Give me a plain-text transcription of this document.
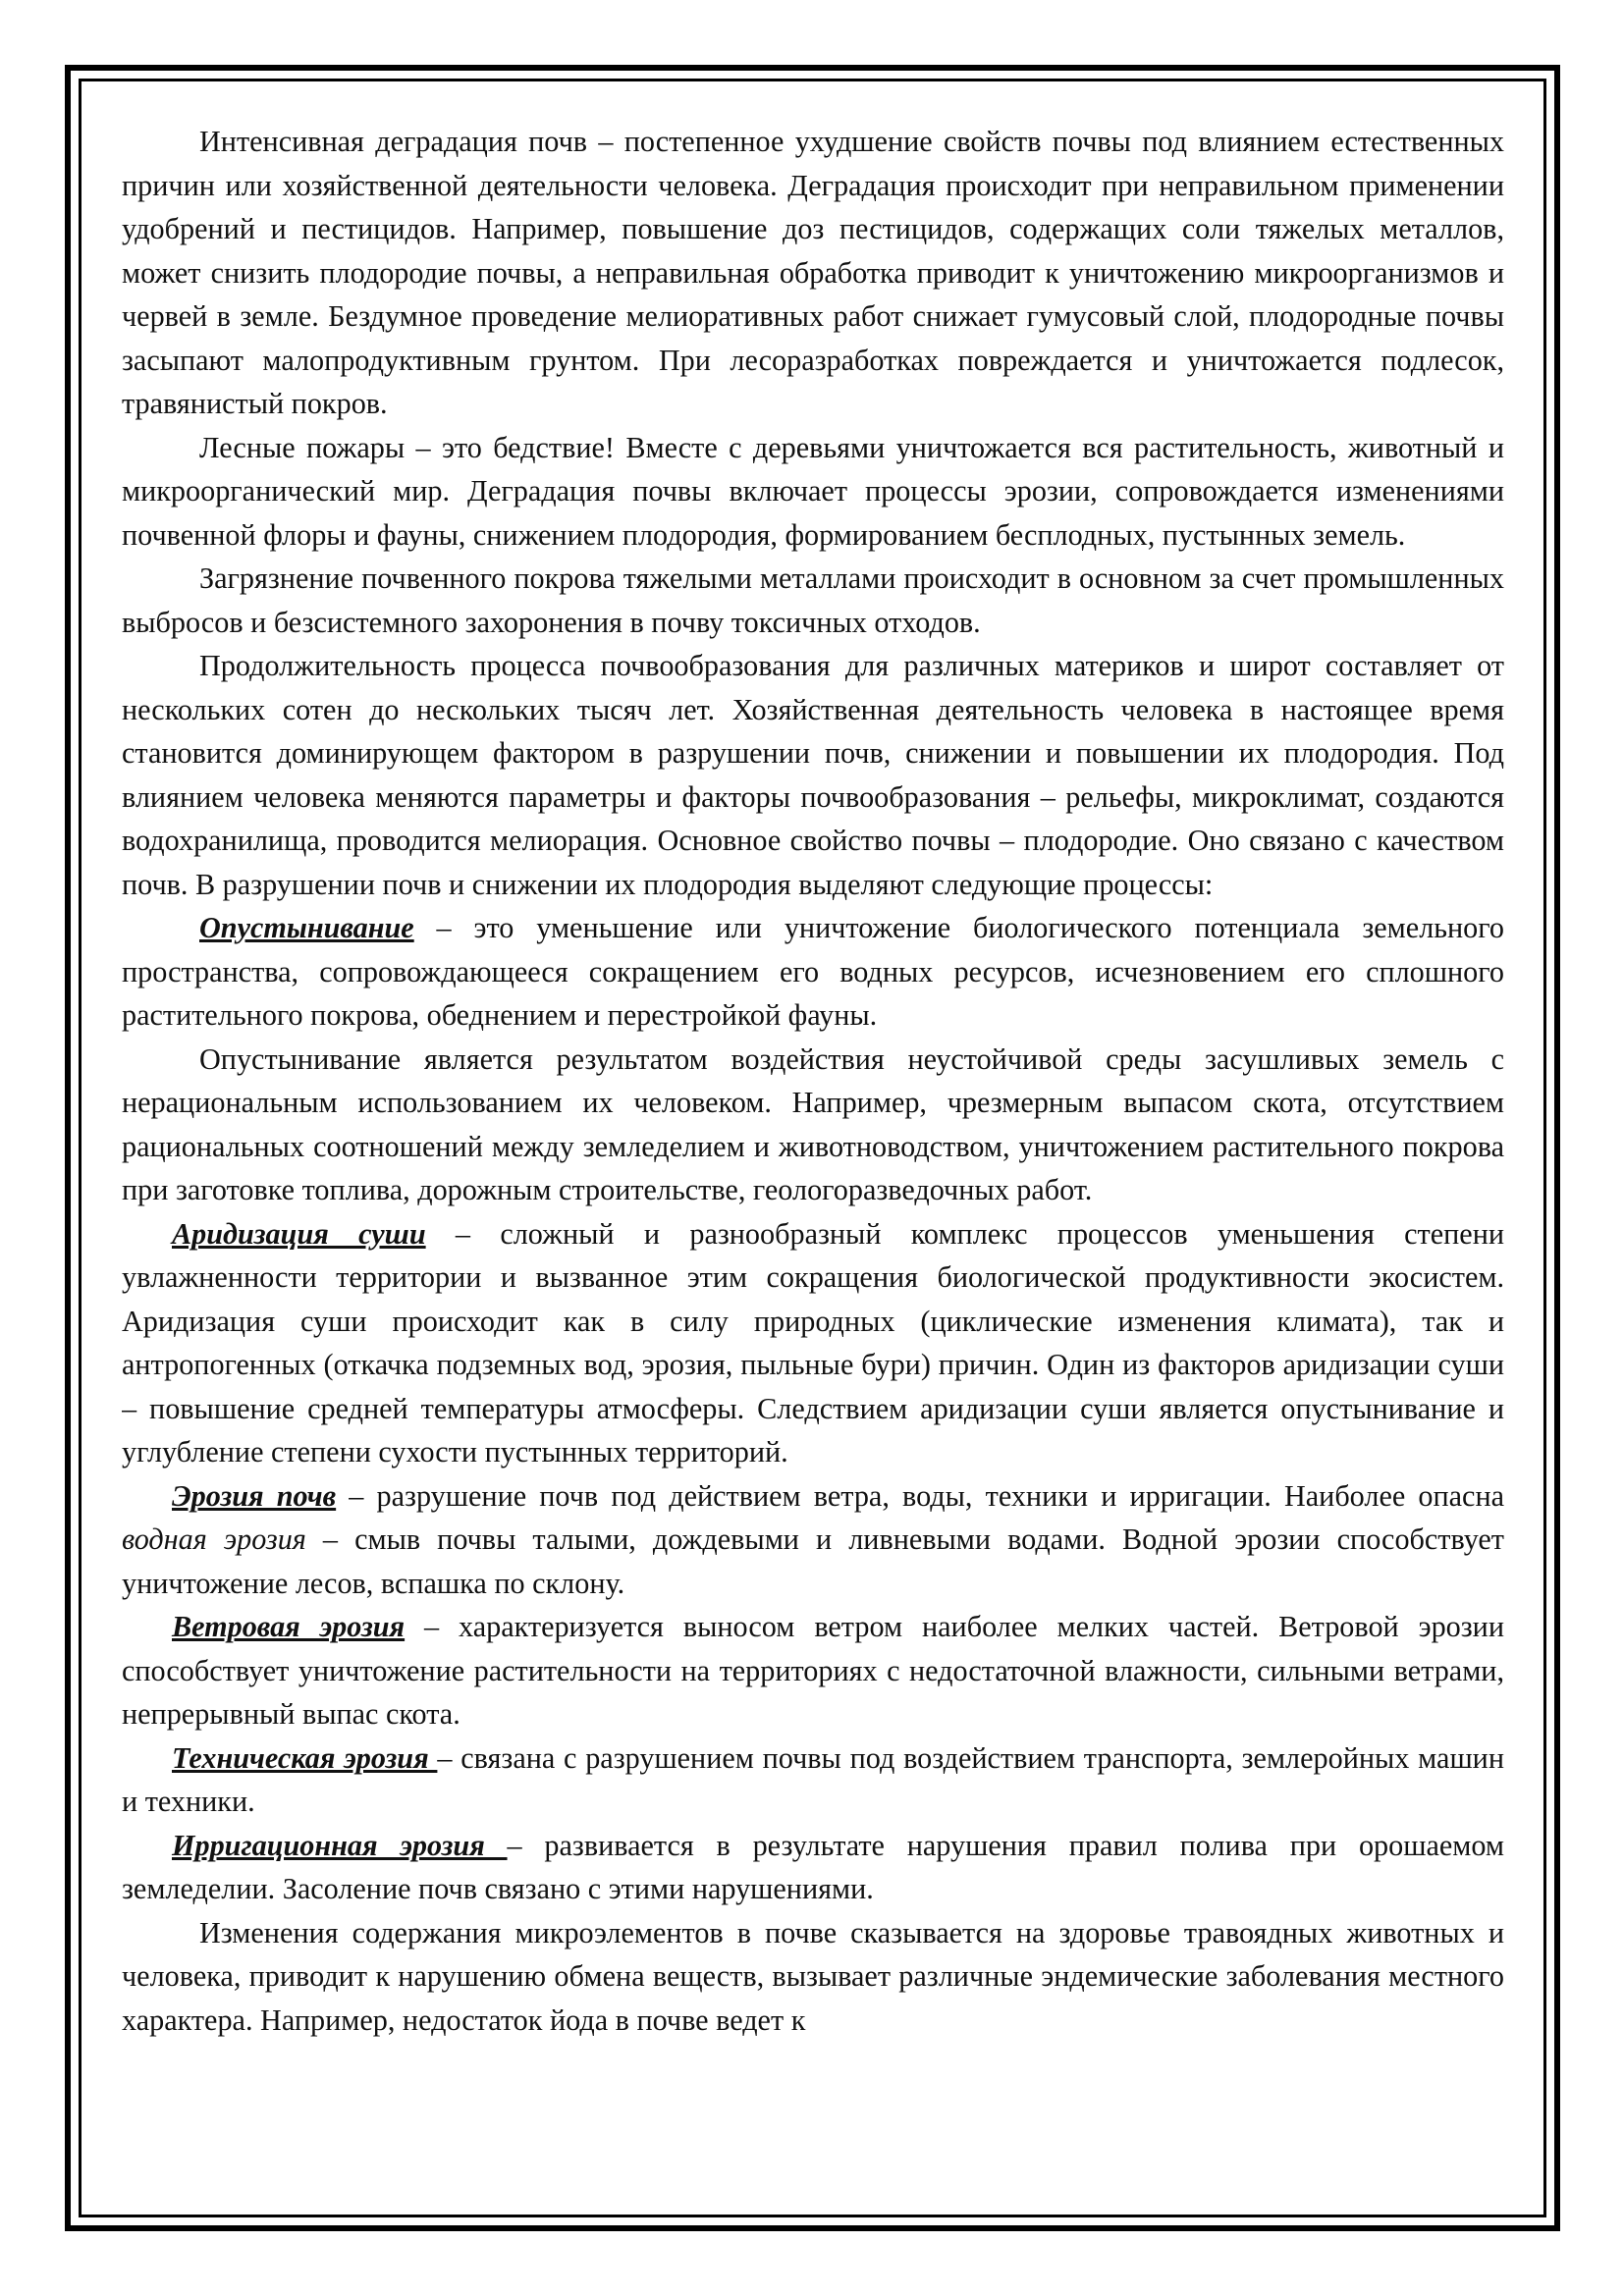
Интенсивная деградация почв – постепенное ухудшение свойств почвы под влиянием естественных причин или хозяйственной деятельности человека. Деградация происходит при неправильном применении удобрений и пестицидов. Например, повышение доз пестицидов, содержащих соли тяжелых металлов, может снизить плодородие почвы, а неправильная обработка приводит к уничтожению микроорганизмов и червей в земле. Бездумное проведение мелиоративных работ снижает гумусовый слой, плодородные почвы засыпают малопродуктивным грунтом. При лесоразработках повреждается и уничтожается подлесок, травянистый покров.

Лесные пожары – это бедствие! Вместе с деревьями уничтожается вся растительность, животный и микроорганический мир. Деградация почвы включает процессы эрозии, сопровождается изменениями почвенной флоры и фауны, снижением плодородия, формированием бесплодных, пустынных земель.

Загрязнение почвенного покрова тяжелыми металлами происходит в основном за счет промышленных выбросов и безсистемного захоронения в почву токсичных отходов.

Продолжительность процесса почвообразования для различных материков и широт составляет от нескольких сотен до нескольких тысяч лет. Хозяйственная деятельность человека в настоящее время становится доминирующем фактором в разрушении почв, снижении и повышении их плодородия. Под влиянием человека меняются параметры и факторы почвообразования – рельефы, микроклимат, создаются водохранилища, проводится мелиорация. Основное свойство почвы – плодородие. Оно связано с качеством почв. В разрушении почв и снижении их плодородия выделяют следующие процессы:

Опустынивание – это уменьшение или уничтожение биологического потенциала земельного пространства, сопровождающееся сокращением его водных ресурсов, исчезновением его сплошного растительного покрова, обеднением и перестройкой фауны.

Опустынивание является результатом воздействия неустойчивой среды засушливых земель с нерациональным использованием их человеком. Например, чрезмерным выпасом скота, отсутствием рациональных соотношений между земледелием и животноводством, уничтожением растительного покрова при заготовке топлива, дорожным строительстве, геологоразведочных работ.

Аридизация суши – сложный и разнообразный комплекс процессов уменьшения степени увлажненности территории и вызванное этим сокращения биологической продуктивности экосистем. Аридизация суши происходит как в силу природных (циклические изменения климата), так и антропогенных (откачка подземных вод, эрозия, пыльные бури) причин. Один из факторов аридизации суши – повышение средней температуры атмосферы. Следствием аридизации суши является опустынивание и углубление степени сухости пустынных территорий.

Эрозия почв – разрушение почв под действием ветра, воды, техники и ирригации. Наиболее опасна водная эрозия – смыв почвы талыми, дождевыми и ливневыми водами. Водной эрозии способствует уничтожение лесов, вспашка по склону.

Ветровая эрозия – характеризуется выносом ветром наиболее мелких частей. Ветровой эрозии способствует уничтожение растительности на территориях с недостаточной влажности, сильными ветрами, непрерывный выпас скота.

Техническая эрозия – связана с разрушением почвы под воздействием транспорта, землеройных машин и техники.

Ирригационная эрозия – развивается в результате нарушения правил полива при орошаемом земледелии. Засоление почв связано с этими нарушениями.

Изменения содержания микроэлементов в почве сказывается на здоровье травоядных животных и человека, приводит к нарушению обмена веществ, вызывает различные эндемические заболевания местного характера. Например, недостаток йода в почве ведет к
